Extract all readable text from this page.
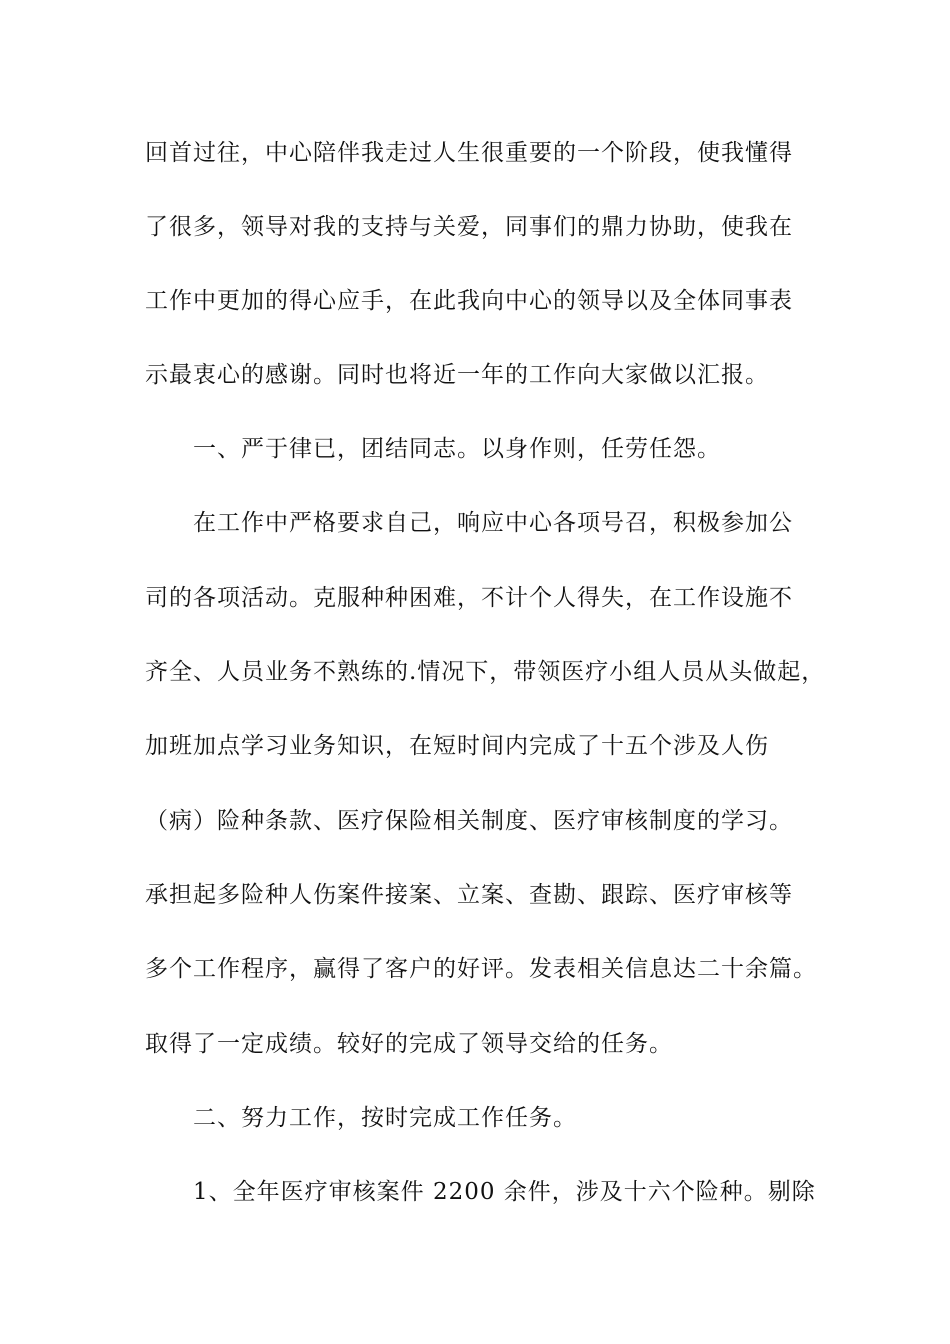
回首过往，中心陪伴我走过人生很重要的一个阶段，使我懂得
了很多，领导对我的支持与关爱，同事们的鼎力协助，使我在
工作中更加的得心应手，在此我向中心的领导以及全体同事表
示最衷心的感谢。同时也将近一年的工作向大家做以汇报。
一、严于律已，团结同志。以身作则，任劳任怨。
在工作中严格要求自己，响应中心各项号召，积极参加公
司的各项活动。克服种种困难，不计个人得失，在工作设施不
齐全、人员业务不熟练的.情况下，带领医疗小组人员从头做起，
加班加点学习业务知识，在短时间内完成了十五个涉及人伤
（病）险种条款、医疗保险相关制度、医疗审核制度的学习。
承担起多险种人伤案件接案、立案、查勘、跟踪、医疗审核等
多个工作程序，赢得了客户的好评。发表相关信息达二十余篇。
取得了一定成绩。较好的完成了领导交给的任务。
二、努力工作，按时完成工作任务。
1、全年医疗审核案件 2200 余件，涉及十六个险种。剔除
